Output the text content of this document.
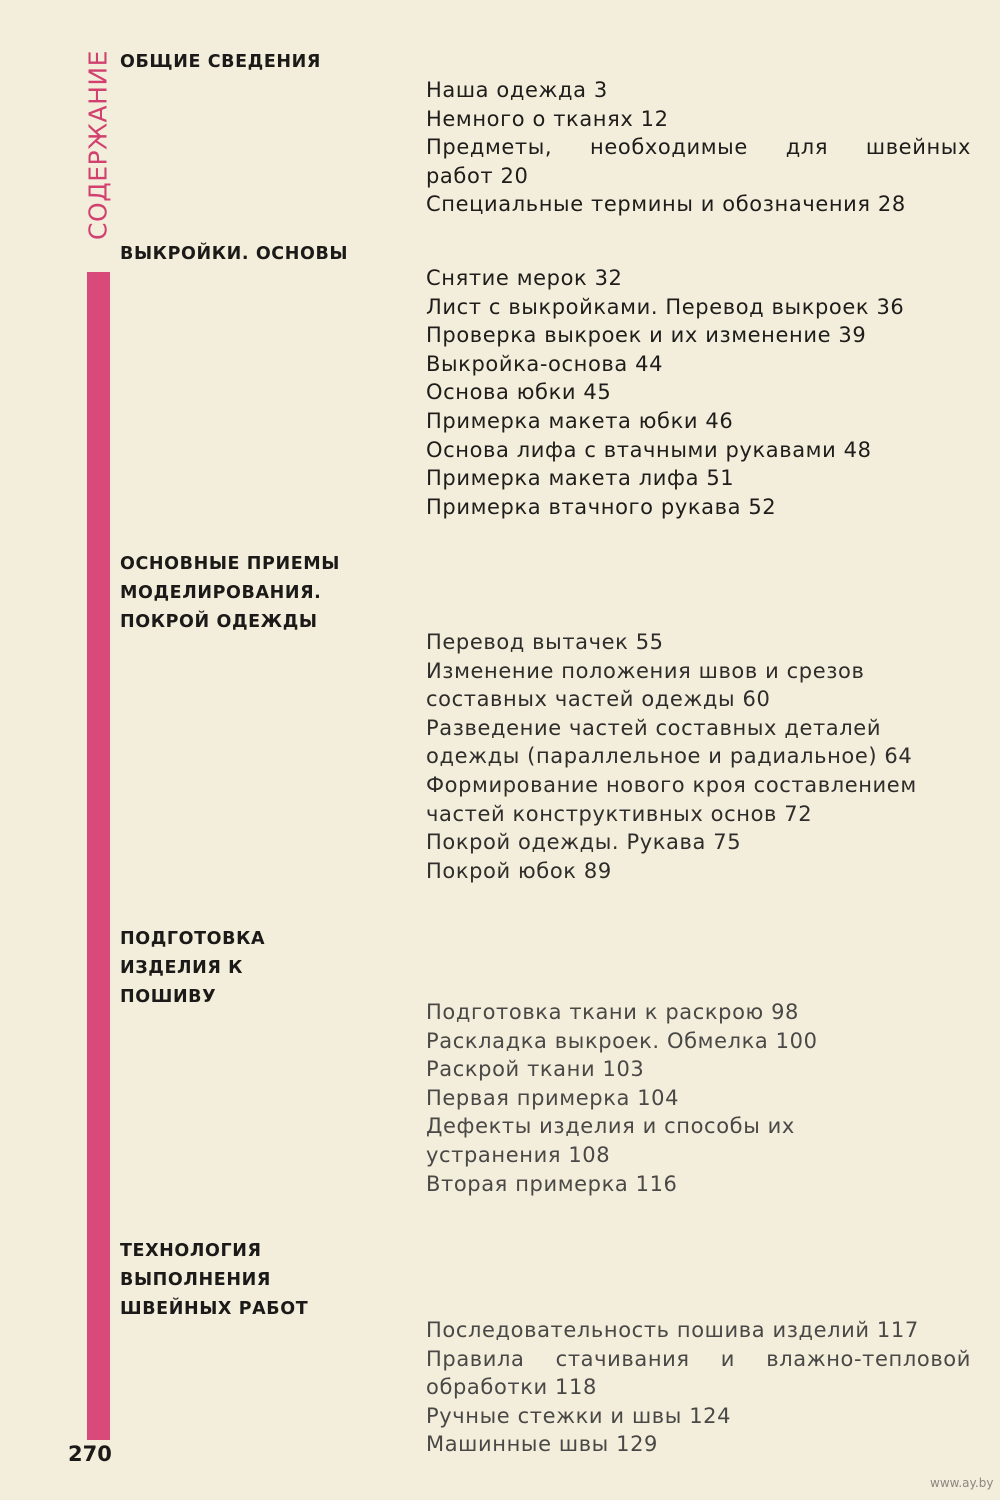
СОДЕРЖАНИЕ ОБЩИЕ СВЕДЕНИЯ
Наша одежда 3
Немного о тканях 12
Предметы, необходимые для швейных
работ 20
Специальные термины и обозначения 28
ВЫКРОЙКИ. ОСНОВЫ
Снятие мерок 32
Лист с выкройками. Перевод выкроек 36
Проверка выкроек и их изменение 39
Выкройка-основа 44
Основа юбки 45
Примерка макета юбки 46
Основа лифа с втачными рукавами 48
Примерка макета лифа 51
Примерка втачного рукава 52
ОСНОВНЫЕ ПРИЕМЫ
МОДЕЛИРОВАНИЯ.
ПОКРОЙ ОДЕЖДЫ
Перевод вытачек 55
Изменение положения швов и срезов
составных частей одежды 60
Разведение частей составных деталей
одежды (параллельное и радиальное) 64
Формирование нового кроя составлением
частей конструктивных основ 72
Покрой одежды. Рукава 75
Покрой юбок 89
ПОДГОТОВКА
ИЗДЕЛИЯ К
ПОШИВУ
Подготовка ткани к раскрою 98
Раскладка выкроек. Обмелка 100
Раскрой ткани 103
Первая примерка 104
Дефекты изделия и способы их
устранения 108
Вторая примерка 116
ТЕХНОЛОГИЯ
ВЫПОЛНЕНИЯ
ШВЕЙНЫХ РАБОТ
Последовательность пошива изделий 117
Правила стачивания и влажно-тепловой
обработки 118
Ручные стежки и швы 124
Машинные швы 129
270
www.ay.by
